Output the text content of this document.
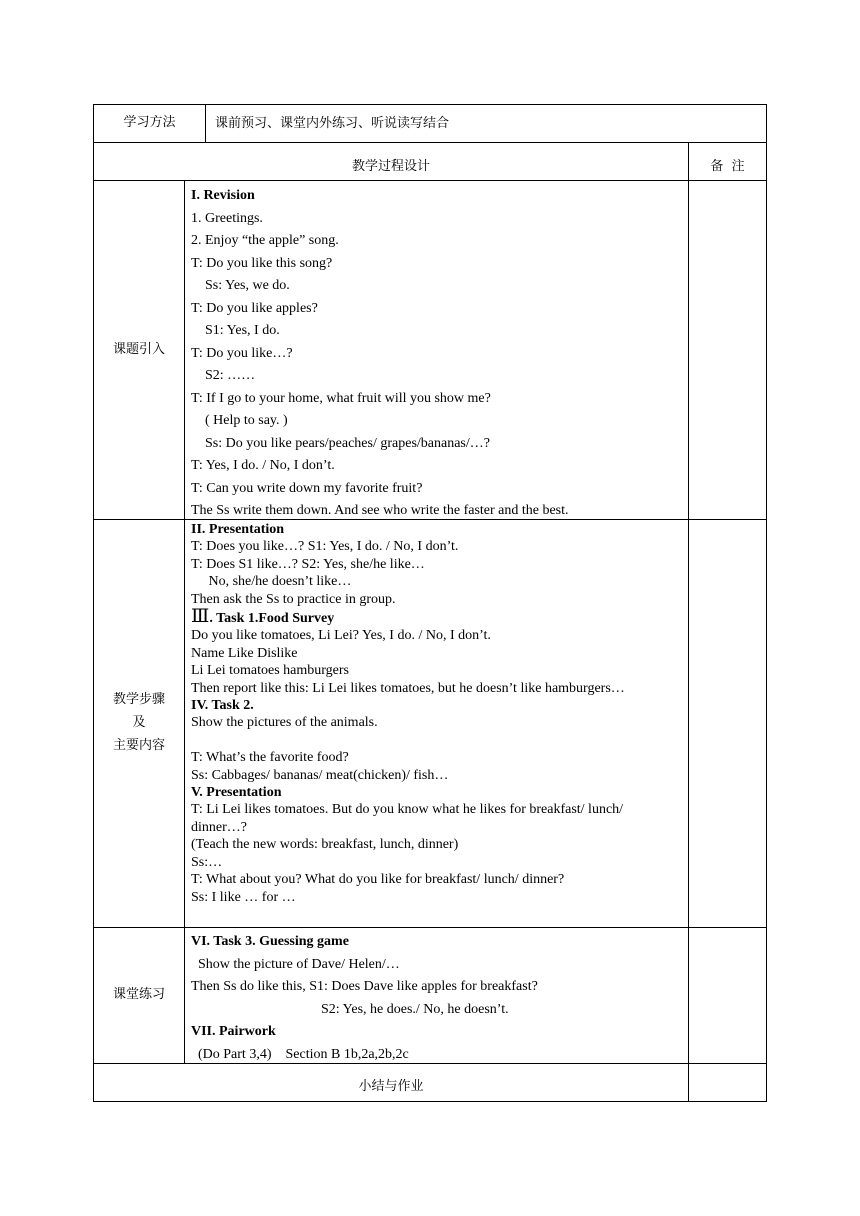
学习方法	课前预习、课堂内外练习、听说读写结合
教学过程设计	备  注
课题引入
I. Revision
1. Greetings.
2. Enjoy “the apple” song.
T: Do you like this song?
Ss: Yes, we do.
T: Do you like apples?
S1: Yes, I do.
T: Do you like…?
S2: ……
T: If I go to your home, what fruit will you show me?
( Help to say. )
Ss: Do you like pears/peaches/ grapes/bananas/…?
T: Yes, I do. / No, I don’t.
T: Can you write down my favorite fruit?
The Ss write them down. And see who write the faster and the best.
教学步骤
及
主要内容
II. Presentation
T: Does you like…? S1: Yes, I do. / No, I don’t.
T: Does S1 like…? S2: Yes, she/he like…
No, she/he doesn’t like…
Then ask the Ss to practice in group.
Ⅲ. Task 1.Food Survey
Do you like tomatoes, Li Lei? Yes, I do. / No, I don’t.
Name Like Dislike
Li Lei tomatoes hamburgers
Then report like this: Li Lei likes tomatoes, but he doesn’t like hamburgers…
IV. Task 2.
Show the pictures of the animals.
T: What’s the favorite food?
Ss: Cabbages/ bananas/ meat(chicken)/ fish…
V. Presentation
T: Li Lei likes tomatoes. But do you know what he likes for breakfast/ lunch/
dinner…?
(Teach the new words: breakfast, lunch, dinner)
Ss:…
T: What about you? What do you like for breakfast/ lunch/ dinner?
Ss: I like … for …
课堂练习
VI. Task 3. Guessing game
Show the picture of Dave/ Helen/…
Then Ss do like this, S1: Does Dave like apples for breakfast?
S2: Yes, he does./ No, he doesn’t.
VII. Pairwork
(Do Part 3,4)    Section B 1b,2a,2b,2c
小结与作业
